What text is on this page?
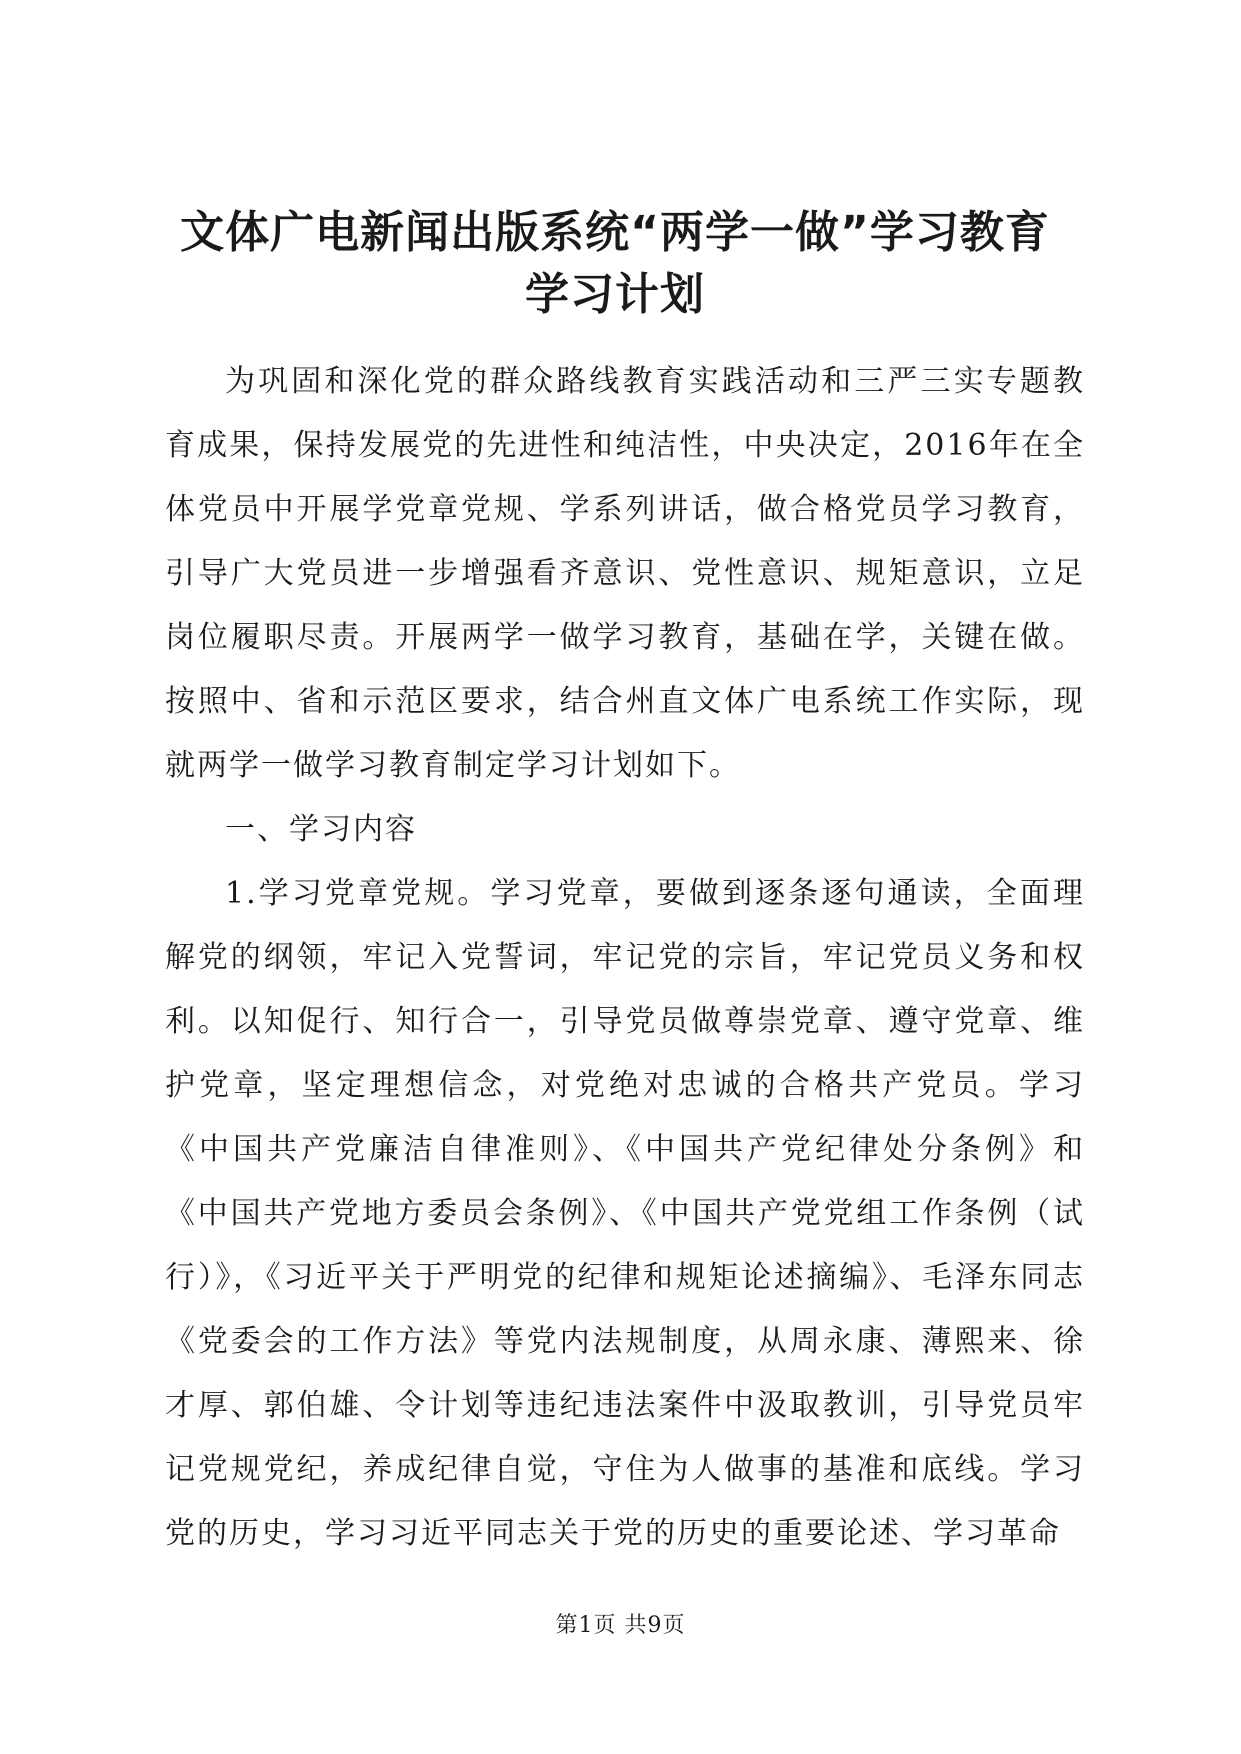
文体广电新闻出版系统“两学一做”学习教育
学习计划

为巩固和深化党的群众路线教育实践活动和三严三实专题教育成果，保持发展党的先进性和纯洁性，中央决定，2016年在全体党员中开展学党章党规、学系列讲话，做合格党员学习教育，引导广大党员进一步增强看齐意识、党性意识、规矩意识，立足岗位履职尽责。开展两学一做学习教育，基础在学，关键在做。按照中、省和示范区要求，结合州直文体广电系统工作实际，现就两学一做学习教育制定学习计划如下。

一、学习内容

1.学习党章党规。学习党章，要做到逐条逐句通读，全面理解党的纲领，牢记入党誓词，牢记党的宗旨，牢记党员义务和权利。以知促行、知行合一，引导党员做尊崇党章、遵守党章、维护党章，坚定理想信念，对党绝对忠诚的合格共产党员。学习《中国共产党廉洁自律准则》、《中国共产党纪律处分条例》和《中国共产党地方委员会条例》、《中国共产党党组工作条例（试行）》，《习近平关于严明党的纪律和规矩论述摘编》、毛泽东同志《党委会的工作方法》等党内法规制度，从周永康、薄熙来、徐才厚、郭伯雄、令计划等违纪违法案件中汲取教训，引导党员牢记党规党纪，养成纪律自觉，守住为人做事的基准和底线。学习党的历史，学习习近平同志关于党的历史的重要论述、学习革命

第1页 共9页
